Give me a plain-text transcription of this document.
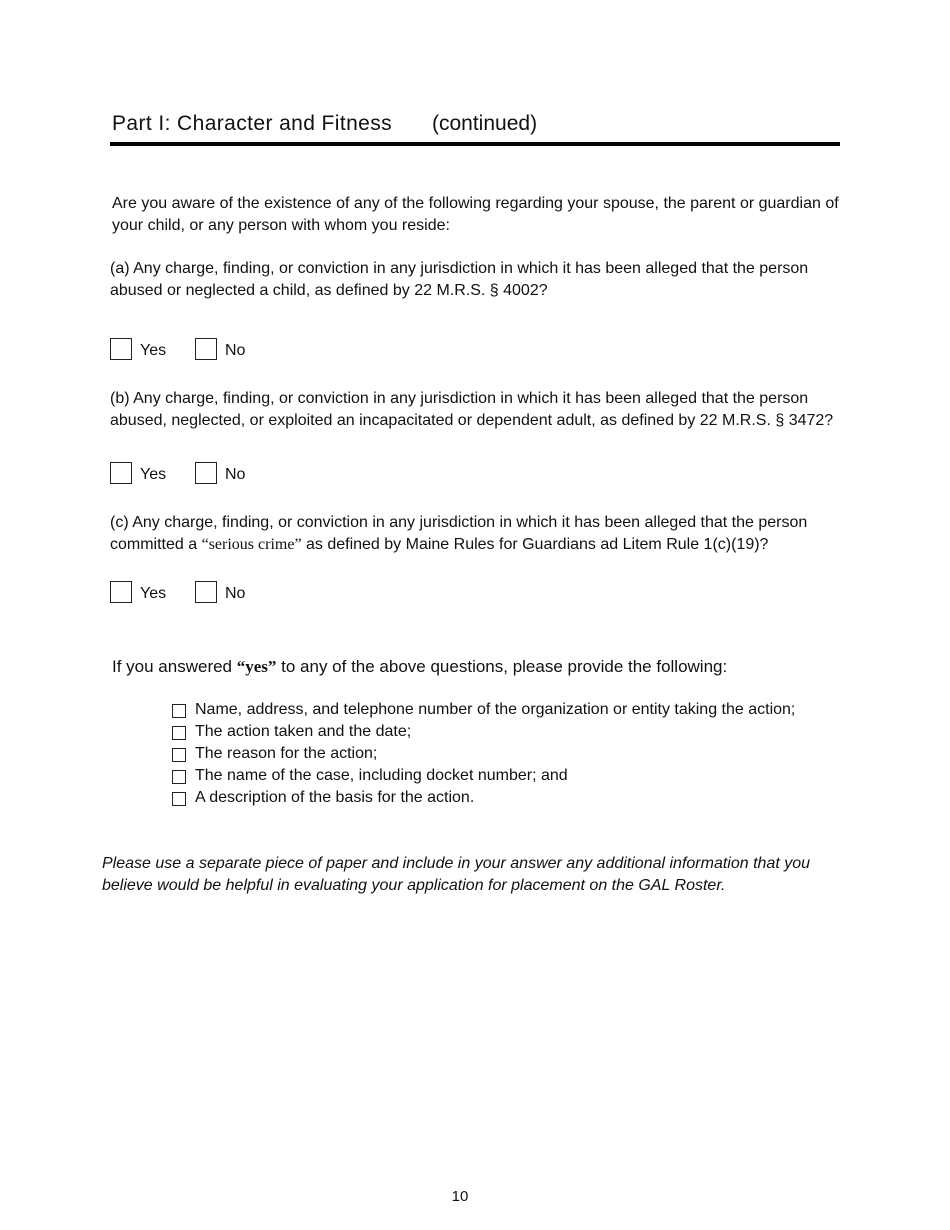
Part I: Character and Fitness (continued)
Are you aware of the existence of any of the following regarding your spouse, the parent or guardian of your child, or any person with whom you reside:
(a) Any charge, finding, or conviction in any jurisdiction in which it has been alleged that the person
abused or neglected a child, as defined by 22 M.R.S. § 4002?
Yes	No
(b) Any charge, finding, or conviction in any jurisdiction in which it has been alleged that the person
abused, neglected, or exploited an incapacitated or dependent adult, as defined by 22 M.R.S. § 3472?
Yes	No
(c) Any charge, finding, or conviction in any jurisdiction in which it has been alleged that the person
committed a “serious crime” as defined by Maine Rules for Guardians ad Litem Rule 1(c)(19)?
Yes	No
If you answered “yes” to any of the above questions, please provide the following:
Name, address, and telephone number of the organization or entity taking the action;
The action taken and the date;
The reason for the action;
The name of the case, including docket number; and
A description of the basis for the action.
Please use a separate piece of paper and include in your answer any additional information that you
believe would be helpful in evaluating your application for placement on the GAL Roster.
10
